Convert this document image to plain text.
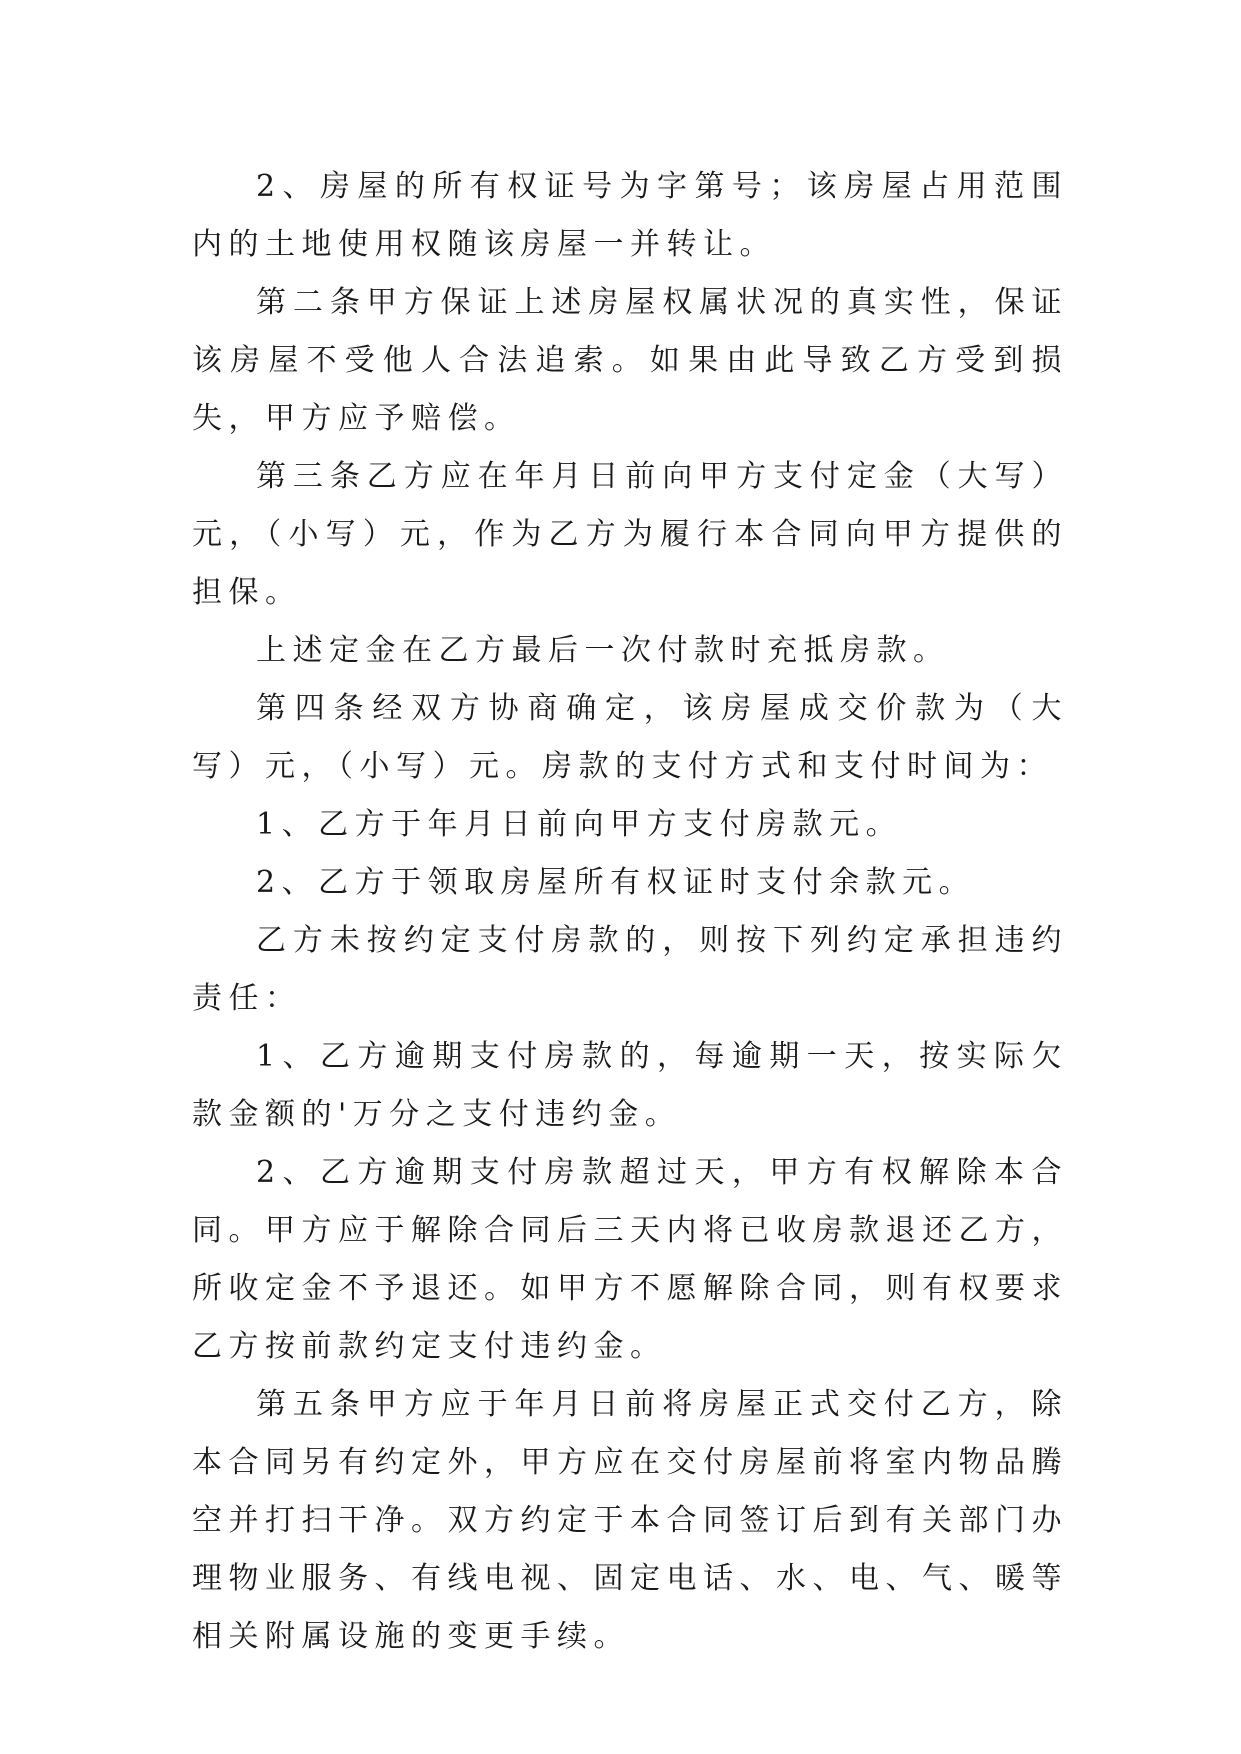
2、房屋的所有权证号为字第号；该房屋占用范围内的土地使用权随该房屋一并转让。

第二条甲方保证上述房屋权属状况的真实性，保证该房屋不受他人合法追索。如果由此导致乙方受到损失，甲方应予赔偿。

第三条乙方应在年月日前向甲方支付定金（大写）元，（小写）元，作为乙方为履行本合同向甲方提供的担保。

上述定金在乙方最后一次付款时充抵房款。

第四条经双方协商确定，该房屋成交价款为（大写）元，（小写）元。房款的支付方式和支付时间为：

1、乙方于年月日前向甲方支付房款元。

2、乙方于领取房屋所有权证时支付余款元。

乙方未按约定支付房款的，则按下列约定承担违约责任：

1、乙方逾期支付房款的，每逾期一天，按实际欠款金额的'万分之支付违约金。

2、乙方逾期支付房款超过天，甲方有权解除本合同。甲方应于解除合同后三天内将已收房款退还乙方，所收定金不予退还。如甲方不愿解除合同，则有权要求乙方按前款约定支付违约金。

第五条甲方应于年月日前将房屋正式交付乙方，除本合同另有约定外，甲方应在交付房屋前将室内物品腾空并打扫干净。双方约定于本合同签订后到有关部门办理物业服务、有线电视、固定电话、水、电、气、暖等相关附属设施的变更手续。
